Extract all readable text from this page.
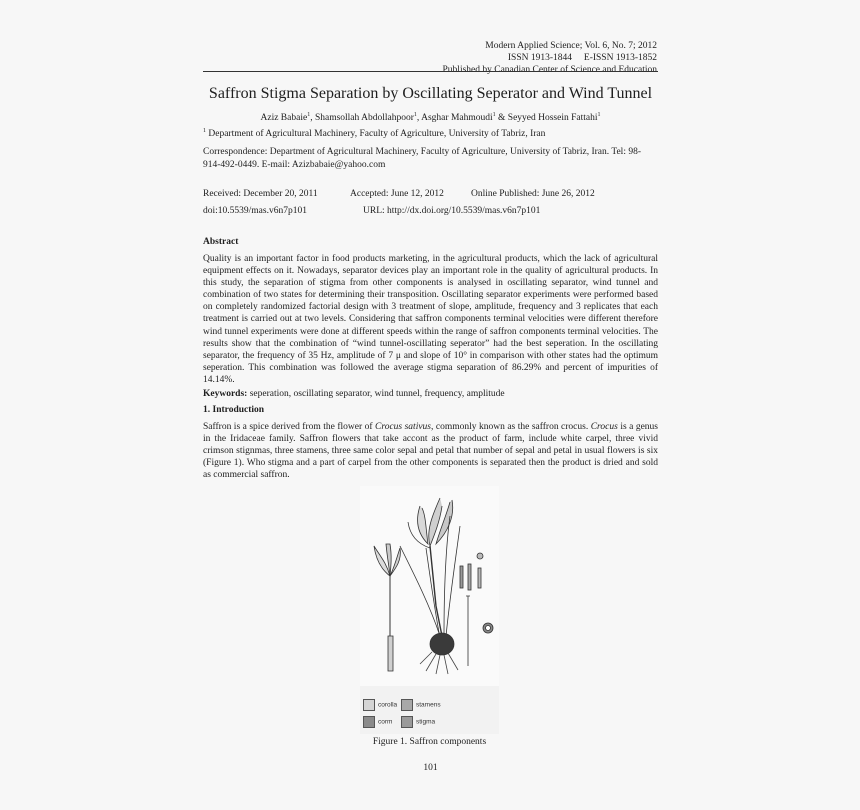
Modern Applied Science; Vol. 6, No. 7; 2012
ISSN 1913-1844     E-ISSN 1913-1852
Published by Canadian Center of Science and Education
Saffron Stigma Separation by Oscillating Seperator and Wind Tunnel
Aziz Babaie$^1$, Shamsollah Abdollahpoor$^1$, Asghar Mahmoudi$^1$ & Seyyed Hossein Fattahi$^1$
$^1$ Department of Agricultural Machinery, Faculty of Agriculture, University of Tabriz, Iran
Correspondence: Department of Agricultural Machinery, Faculty of Agriculture, University of Tabriz, Iran. Tel: 98-914-492-0449. E-mail: Azizbabaie@yahoo.com
Received: December 20, 2011	Accepted: June 12, 2012	Online Published: June 26, 2012
doi:10.5539/mas.v6n7p101	URL: http://dx.doi.org/10.5539/mas.v6n7p101
Abstract
Quality is an important factor in food products marketing, in the agricultural products, which the lack of agricultural equipment effects on it. Nowadays, separator devices play an important role in the quality of agricultural products. In this study, the separation of stigma from other components is analysed in oscillating separator, wind tunnel and combination of two states for determining their transposition. Oscillating separator experiments were performed based on completely randomized factorial design with 3 treatment of slope, amplitude, frequency and 3 replicates that each treatment is carried out at two levels. Considering that saffron components terminal velocities were different therefore wind tunnel experiments were done at different speeds within the range of saffron components terminal velocities. The results show that the combination of “wind tunnel-oscillating seperator” had the best seperation. In the oscillating separator, the frequency of 35 Hz, amplitude of 7 μ and slope of 10° in comparison with other states had the optimum seperation. This combination was followed the average stigma separation of 86.29% and percent of impurities of 14.14%.
Keywords: seperation, oscillating separator, wind tunnel, frequency, amplitude
1. Introduction
Saffron is a spice derived from the flower of Crocus sativus, commonly known as the saffron crocus. Crocus is a genus in the Iridaceae family. Saffron flowers that take accont as the product of farm, include white carpel, three vivid crimson stignmas, three stamens, three same color sepal and petal that number of sepal and petal in usual flowers is six (Figure 1). Who stigma and a part of carpel from the other components is separated then the product is dried and sold as commercial saffron.
corolla	stamens
corm	stigma
Figure 1. Saffron components
101
